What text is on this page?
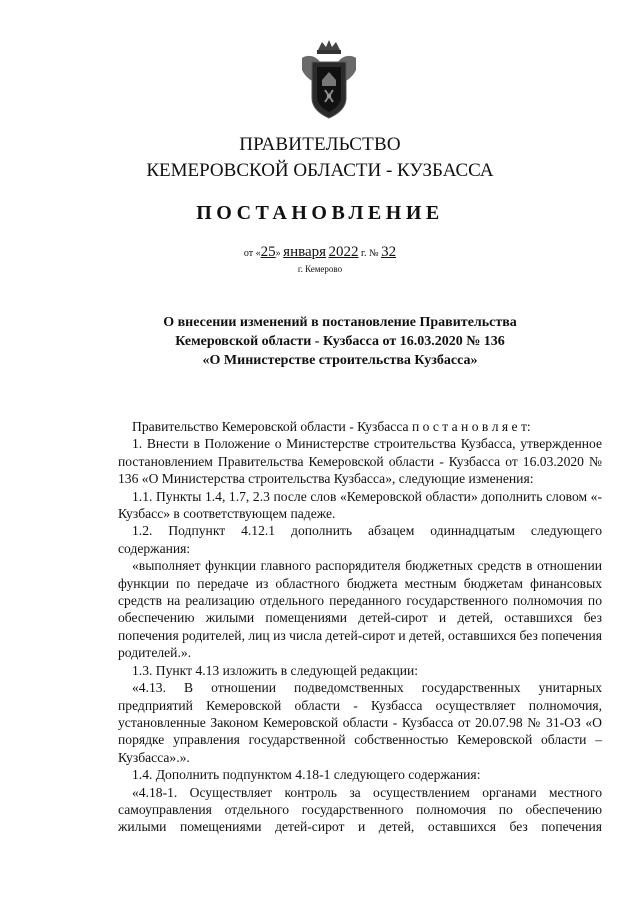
ПРАВИТЕЛЬСТВО
КЕМЕРОВСКОЙ ОБЛАСТИ - КУЗБАССА
ПОСТАНОВЛЕНИЕ
от «25» января 2022 г. № 32
г. Кемерово
О внесении изменений в постановление Правительства
Кемеровской области - Кузбасса от 16.03.2020 № 136
«О Министерстве строительства Кузбасса»

Правительство Кемеровской области - Кузбасса п о с т а н о в л я е т:

1. Внести в Положение о Министерстве строительства Кузбасса, утвержденное постановлением Правительства Кемеровской области - Кузбасса от 16.03.2020 № 136 «О Министерства строительства Кузбасса», следующие изменения:

1.1. Пункты 1.4, 1.7, 2.3 после слов «Кемеровской области» дополнить словом «- Кузбасс» в соответствующем падеже.

1.2. Подпункт 4.12.1 дополнить абзацем одиннадцатым следующего содержания:

«выполняет функции главного распорядителя бюджетных средств в отношении функции по передаче из областного бюджета местным бюджетам финансовых средств на реализацию отдельного переданного государственного полномочия по обеспечению жилыми помещениями детей-сирот и детей, оставшихся без попечения родителей, лиц из числа детей-сирот и детей, оставшихся без попечения родителей.».

1.3. Пункт 4.13 изложить в следующей редакции:

«4.13. В отношении подведомственных государственных унитарных предприятий Кемеровской области - Кузбасса осуществляет полномочия, установленные Законом Кемеровской области - Кузбасса от 20.07.98 № 31-ОЗ «О порядке управления государственной собственностью Кемеровской области – Кузбасса».».

1.4. Дополнить подпунктом 4.18-1 следующего содержания:

«4.18-1. Осуществляет контроль за осуществлением органами местного самоуправления отдельного государственного полномочия по обеспечению жилыми помещениями детей-сирот и детей, оставшихся без попечения
